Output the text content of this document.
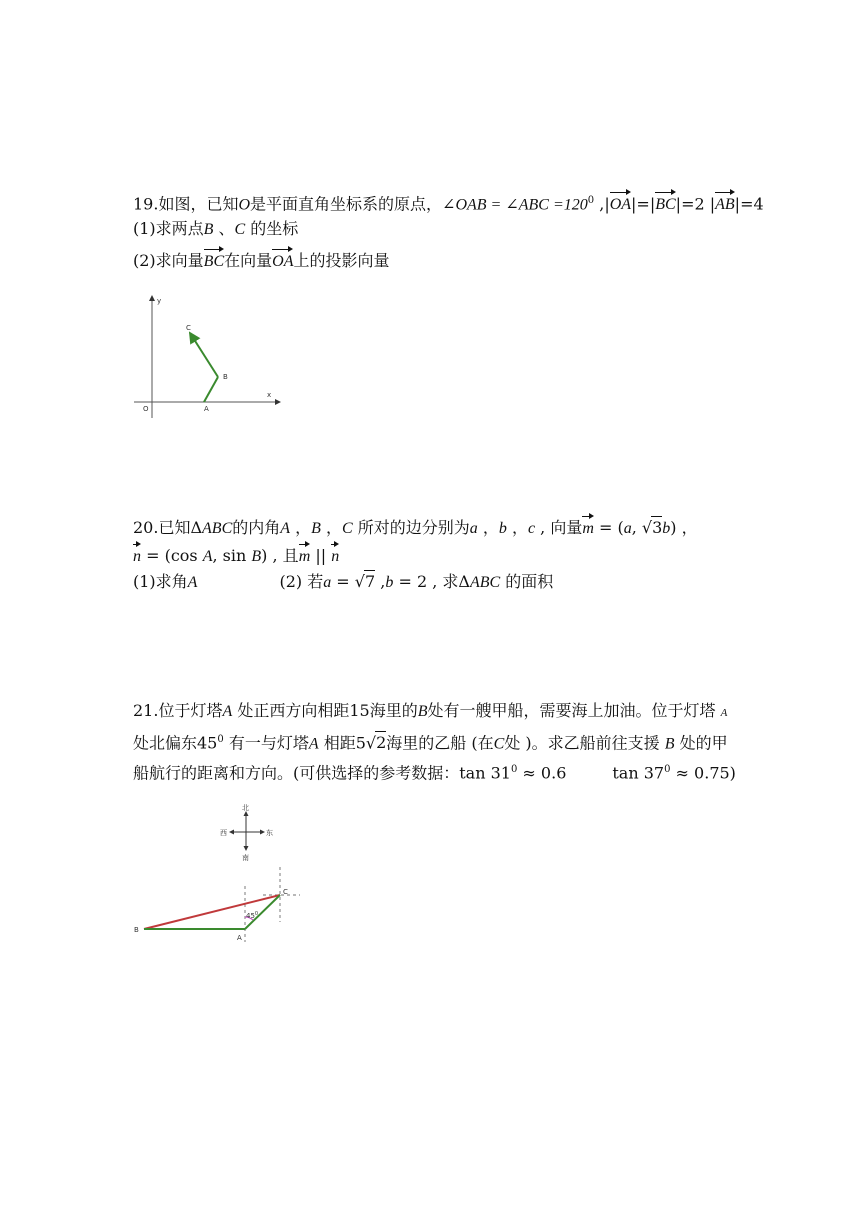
19.如图，已知O是平面直角坐标系的原点，∠OAB = ∠ABC $=120^0$ ,|OA|=|BC|=2 |AB|=4
(1)求两点B 、C 的坐标
(2)求向量BC在向量OA上的投影向量
y
x
O	A
B
C
20.已知ΔABC的内角A ，B ，C 所对的边分别为a ，b ，c , 向量m = (a, √3b) ，
n = (cos A, sin B) , 且m || n
(1)求角A	(2) 若a = √7 ,b = 2 , 求ΔABC 的面积
21.位于灯塔A 处正西方向相距15海里的B处有一艘甲船，需要海上加油。位于灯塔 A
处北偏东$45^0$ 有一与灯塔A 相距5√2海里的乙船 (在C处 )。求乙船前往支援 B 处的甲
船航行的距离和方向。(可供选择的参考数据：$\tan 31^0 \approx 0.6$	$\tan 37^0 \approx 0.75$)
北
南
西	东
$45^0$
B
A
C
